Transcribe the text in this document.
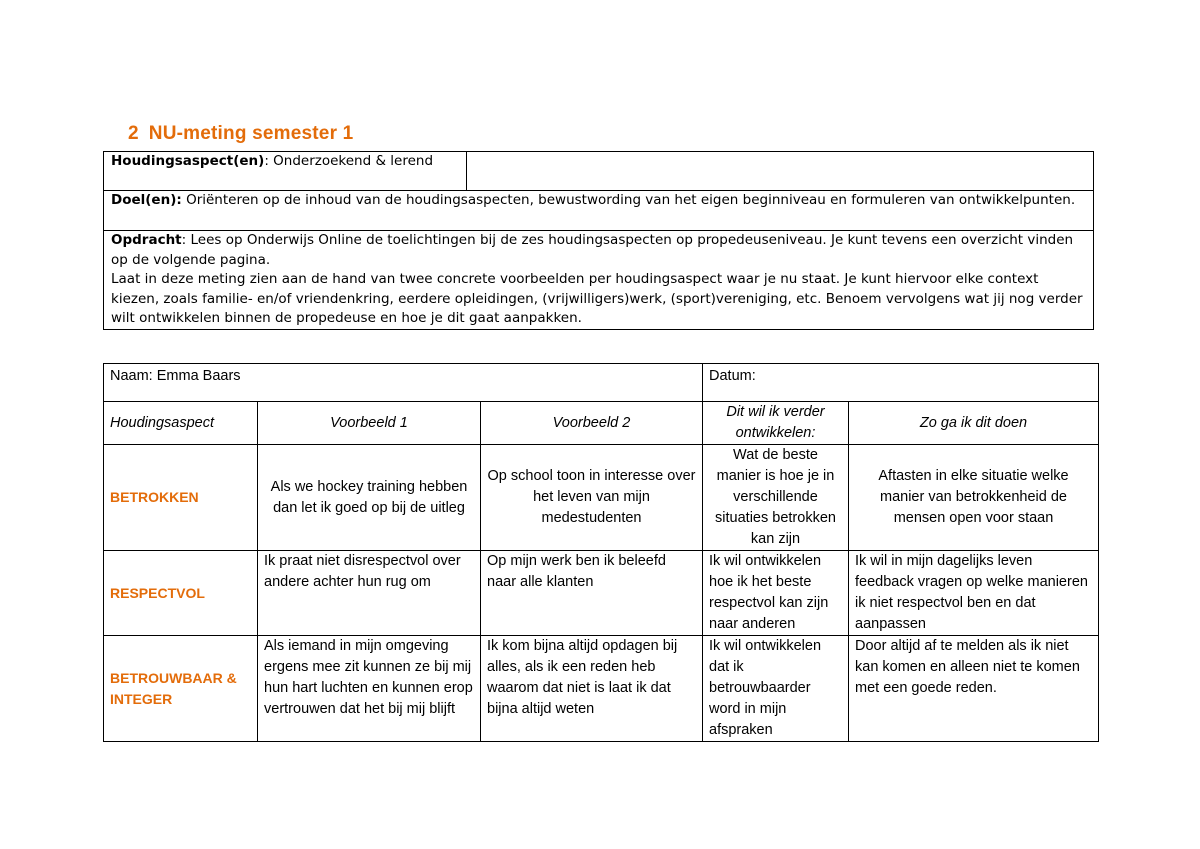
2 NU-meting semester 1
Houdingsaspect(en): Onderzoekend & lerend	
Doel(en): Oriënteren op de inhoud van de houdingsaspecten, bewustwording van het eigen beginniveau en formuleren van ontwikkelpunten.
Opdracht: Lees op Onderwijs Online de toelichtingen bij de zes houdingsaspecten op propedeuseniveau. Je kunt tevens een overzicht vinden op de volgende pagina.
Laat in deze meting zien aan de hand van twee concrete voorbeelden per houdingsaspect waar je nu staat. Je kunt hiervoor elke context kiezen, zoals familie- en/of vriendenkring, eerdere opleidingen, (vrijwilligers)werk, (sport)vereniging, etc. Benoem vervolgens wat jij nog verder wilt ontwikkelen binnen de propedeuse en hoe je dit gaat aanpakken.
Naam: Emma Baars			Datum:	
Houdingsaspect	Voorbeeld 1	Voorbeeld 2	Dit wil ik verder ontwikkelen:	Zo ga ik dit doen
BETROKKEN	Als we hockey training hebben dan let ik goed op bij de uitleg	Op school toon in interesse over het leven van mijn medestudenten	Wat de beste manier is hoe je in verschillende situaties betrokken kan zijn	Aftasten in elke situatie welke manier van betrokkenheid de mensen open voor staan
RESPECTVOL	Ik praat niet disrespectvol over andere achter hun rug om	Op mijn werk ben ik beleefd naar alle klanten	Ik wil ontwikkelen hoe ik het beste respectvol kan zijn naar anderen	Ik wil in mijn dagelijks leven feedback vragen op welke manieren ik niet respectvol ben en dat aanpassen
BETROUWBAAR & INTEGER	Als iemand in mijn omgeving ergens mee zit kunnen ze bij mij hun hart luchten en kunnen erop vertrouwen dat het bij mij blijft	Ik kom bijna altijd opdagen bij alles, als ik een reden heb waarom dat niet is laat ik dat bijna altijd weten	Ik wil ontwikkelen dat ik betrouwbaarder word in mijn afspraken	Door altijd af te melden als ik niet kan komen en alleen niet te komen met een goede reden.
